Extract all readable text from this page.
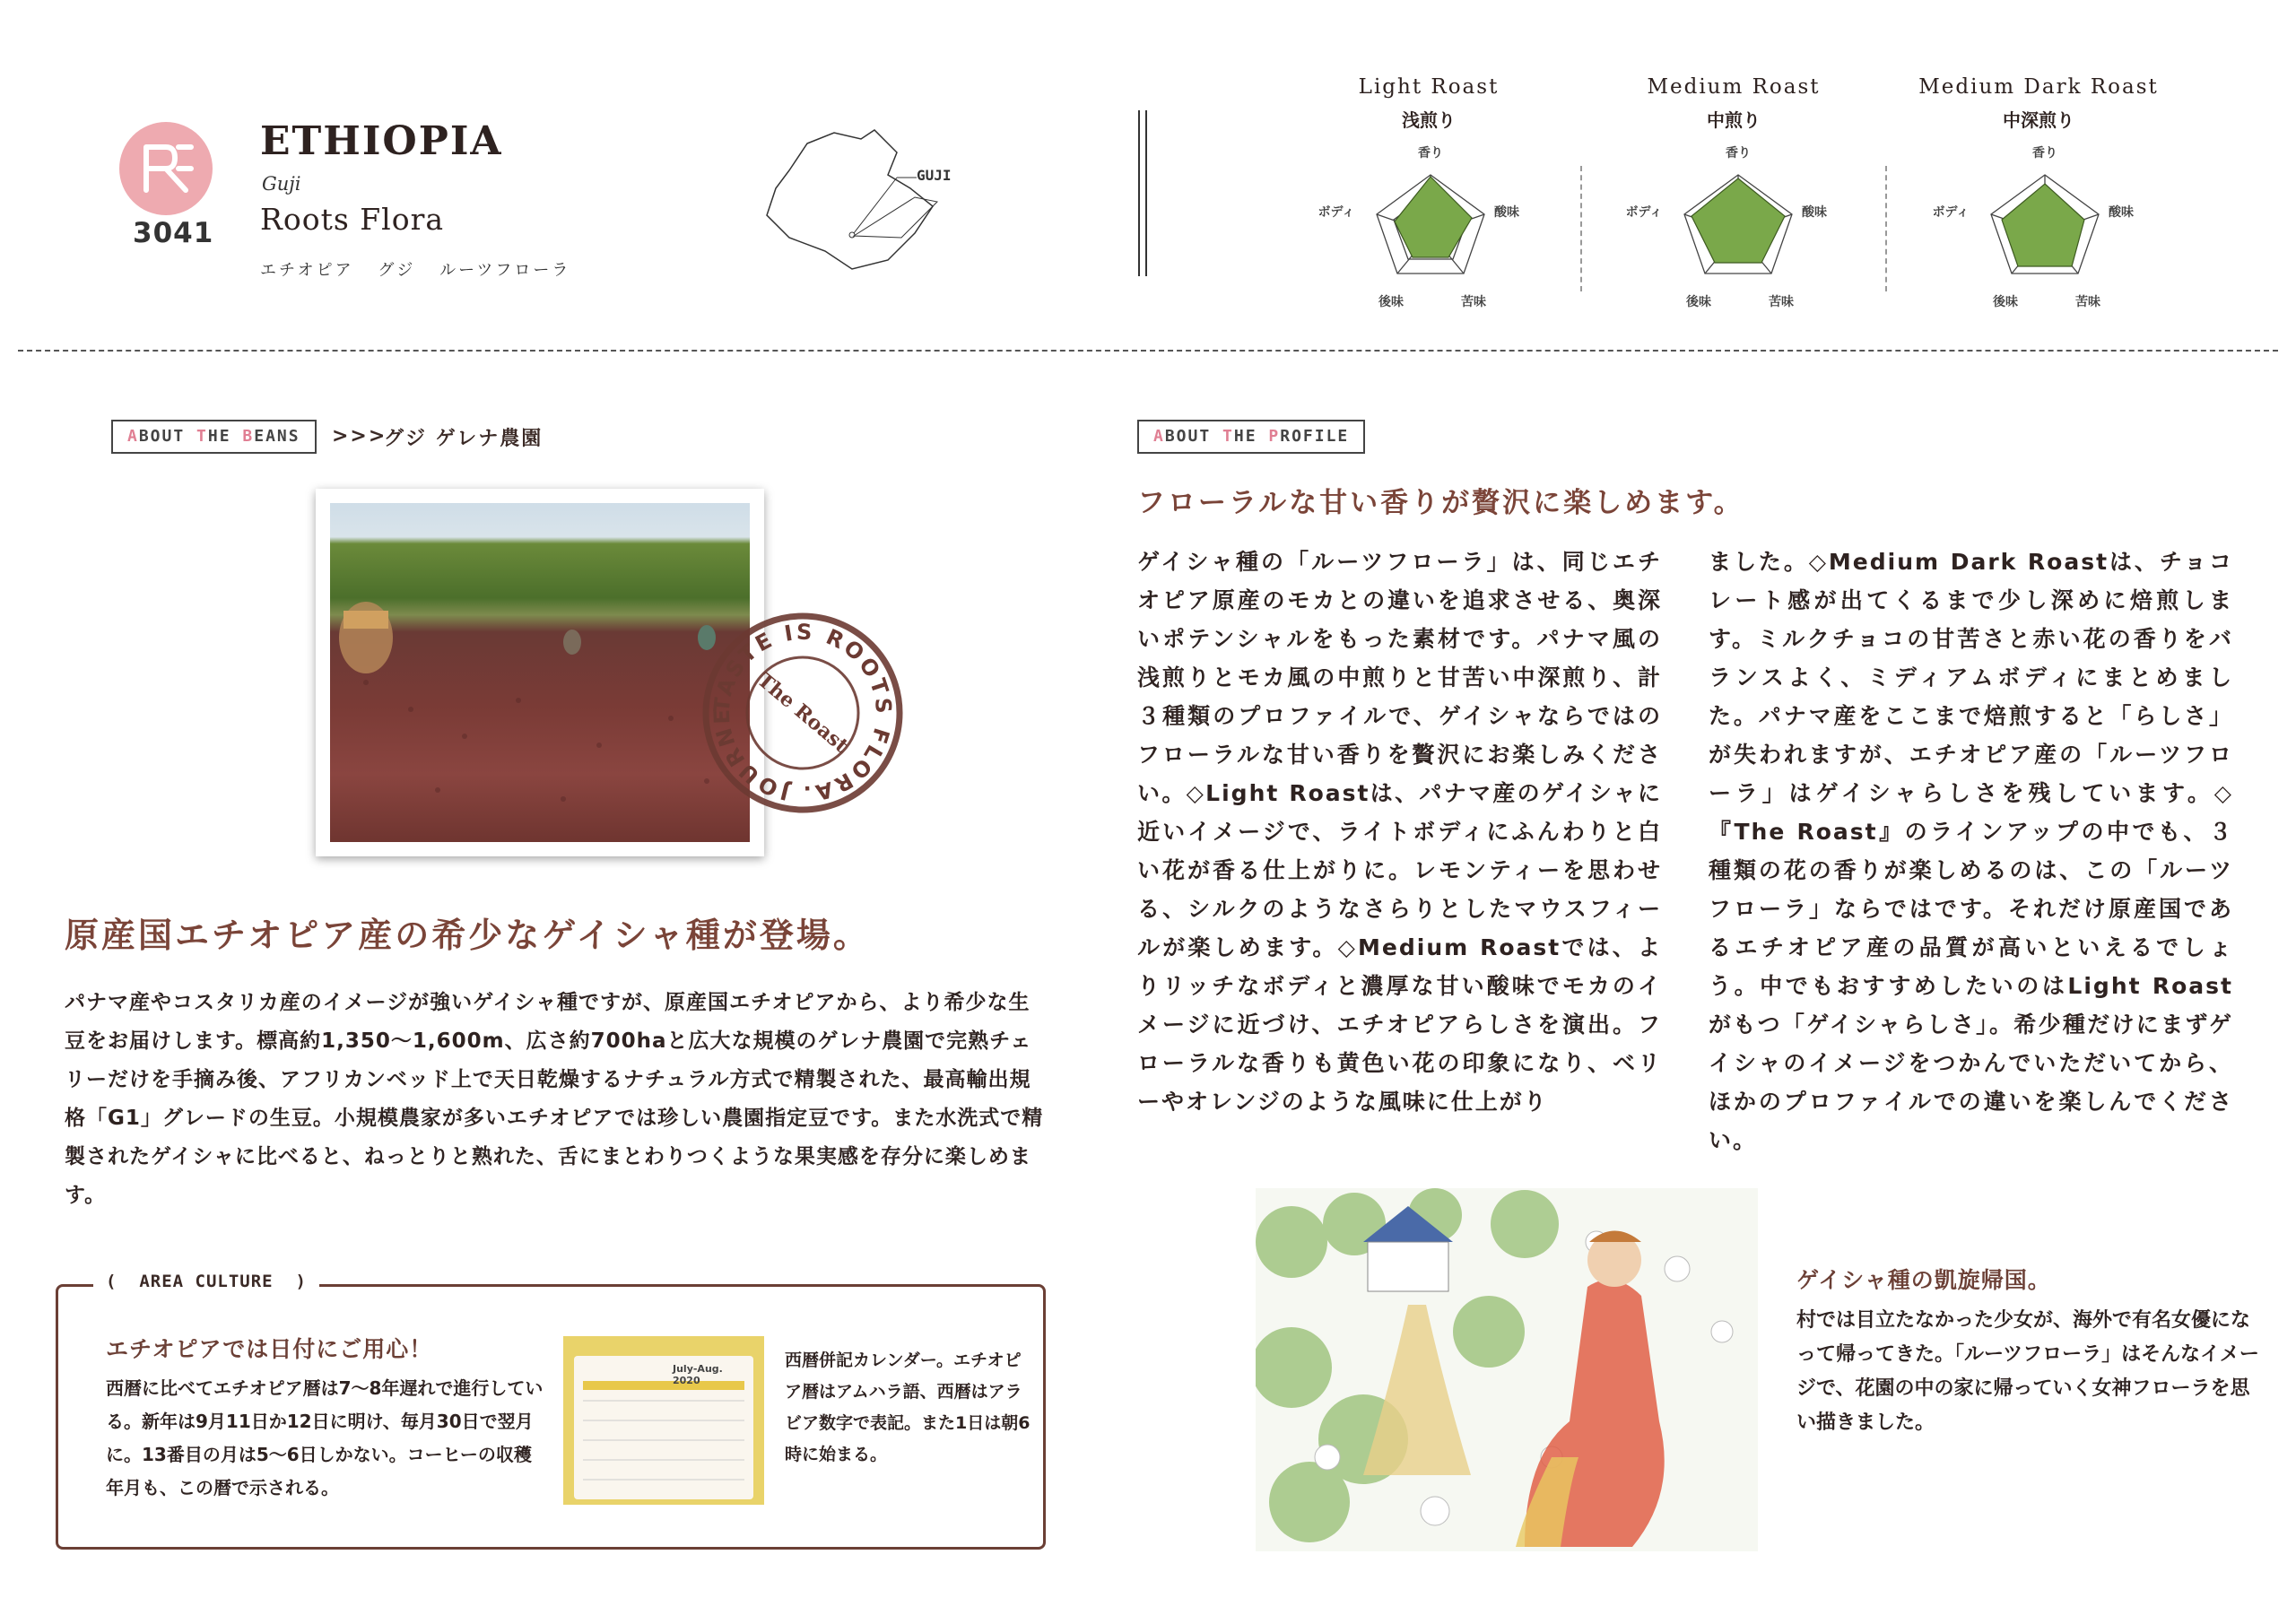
3041
ETHIOPIA
Guji
Roots Flora
エチオピア グジ ルーツフローラ
GUJI
Light Roast
浅煎り
Medium Roast
中煎り
Medium Dark Roast
中深煎り
香り
酸味
苦味
後味
ボディ
香り
酸味
苦味
後味
ボディ
香り
酸味
苦味
後味
ボディ
ABOUT THE BEANS	>>>
グジ ゲレナ農園
TASTE IS ROOTS FLORA. JOURNE The Roast
原産国エチオピア産の希少なゲイシャ種が登場。
パナマ産やコスタリカ産のイメージが強いゲイシャ種ですが、原産国エチオピアから、より希少な生豆をお届けします。標高約1,350～1,600m、広さ約700haと広大な規模のゲレナ農園で完熟チェリーだけを手摘み後、アフリカンベッド上で天日乾燥するナチュラル方式で精製された、最高輸出規格「G1」グレードの生豆。小規模農家が多いエチオピアでは珍しい農園指定豆です。また水洗式で精製されたゲイシャに比べると、ねっとりと熟れた、舌にまとわりつくような果実感を存分に楽しめます。
(  AREA CULTURE  )
エチオピアでは日付にご用心！
西暦に比べてエチオピア暦は7〜8年遅れで進行している。新年は9月11日か12日に明け、毎月30日で翌月に。13番目の月は5〜6日しかない。コーヒーの収穫年月も、この暦で示される。
July-Aug. 2020
西暦併記カレンダー。エチオピア暦はアムハラ語、西暦はアラビア数字で表記。また1日は朝6時に始まる。
ABOUT THE PROFILE
フローラルな甘い香りが贅沢に楽しめます。
ゲイシャ種の「ルーツフローラ」は、同じエチオピア原産のモカとの違いを追求させる、奥深いポテンシャルをもった素材です。パナマ風の浅煎りとモカ風の中煎りと甘苦い中深煎り、計３種類のプロファイルで、ゲイシャならではのフローラルな甘い香りを贅沢にお楽しみください。◇Light Roastは、パナマ産のゲイシャに近いイメージで、ライトボディにふんわりと白い花が香る仕上がりに。レモンティーを思わせる、シルクのようなさらりとしたマウスフィールが楽しめます。◇Medium Roastでは、よりリッチなボディと濃厚な甘い酸味でモカのイメージに近づけ、エチオピアらしさを演出。フローラルな香りも黄色い花の印象になり、ベリーやオレンジのような風味に仕上がり
ました。◇Medium Dark Roastは、チョコレート感が出てくるまで少し深めに焙煎します。ミルクチョコの甘苦さと赤い花の香りをバランスよく、ミディアムボディにまとめました。パナマ産をここまで焙煎すると「らしさ」が失われますが、エチオピア産の「ルーツフローラ」はゲイシャらしさを残しています。◇『The Roast』のラインアップの中でも、３種類の花の香りが楽しめるのは、この「ルーツフローラ」ならではです。それだけ原産国であるエチオピア産の品質が高いといえるでしょう。中でもおすすめしたいのはLight Roastがもつ「ゲイシャらしさ」。希少種だけにまずゲイシャのイメージをつかんでいただいてから、ほかのプロファイルでの違いを楽しんでください。
ゲイシャ種の凱旋帰国。
村では目立たなかった少女が、海外で有名女優になって帰ってきた。「ルーツフローラ」はそんなイメージで、花園の中の家に帰っていく女神フローラを思い描きました。
